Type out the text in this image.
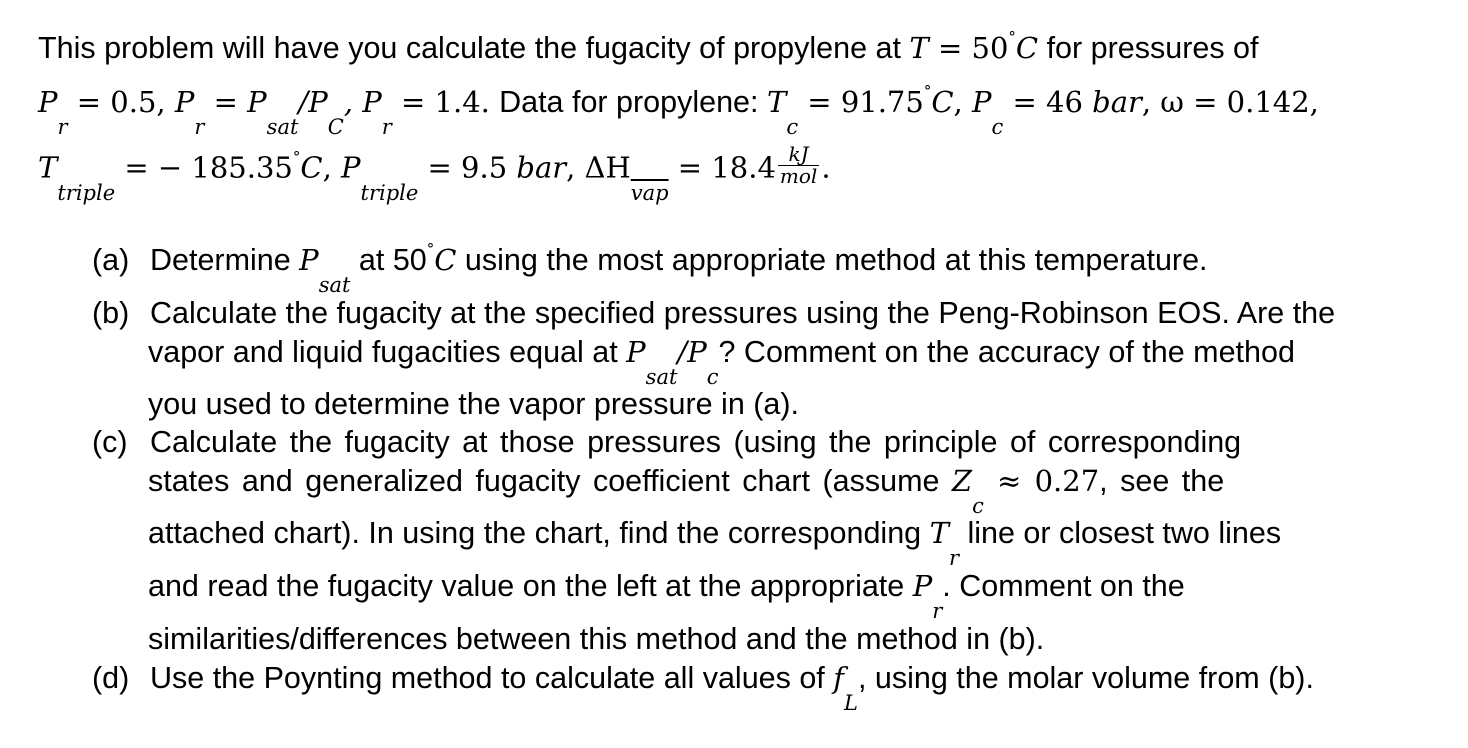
This problem will have you calculate the fugacity of propylene at T = 50°C for pressures of
$P_r = 0.5$, $P_r = P_{sat}/P_C$, $P_r = 1.4$. Data for propylene: $T_c = 91.75^\circ C$, $P_c = 46$ bar, ω = 0.142,
$T_{triple}$ = − 185.35°C, $P_{triple} = 9.5$ bar, $\Delta H_{\overline{vap}} = 18.4 \frac{kJ}{\text{mol}}$ .
(a) Determine $P_{sat}$ at 50°C using the most appropriate method at this temperature.
(b) Calculate the fugacity at the specified pressures using the Peng-Robinson EOS. Are the
vapor and liquid fugacities equal at $P_{sat}/P_c$? Comment on the accuracy of the method
you used to determine the vapor pressure in (a).
(c) Calculate the fugacity at those pressures (using the principle of corresponding
states and generalized fugacity coefficient chart (assume $Z_c \approx 0.27$, see the
attached chart). In using the chart, find the corresponding $T_r$ line or closest two lines
and read the fugacity value on the left at the appropriate $P_r$. Comment on the
similarities/differences between this method and the method in (b).
(d) Use the Poynting method to calculate all values of $f_L$, using the molar volume from (b).
